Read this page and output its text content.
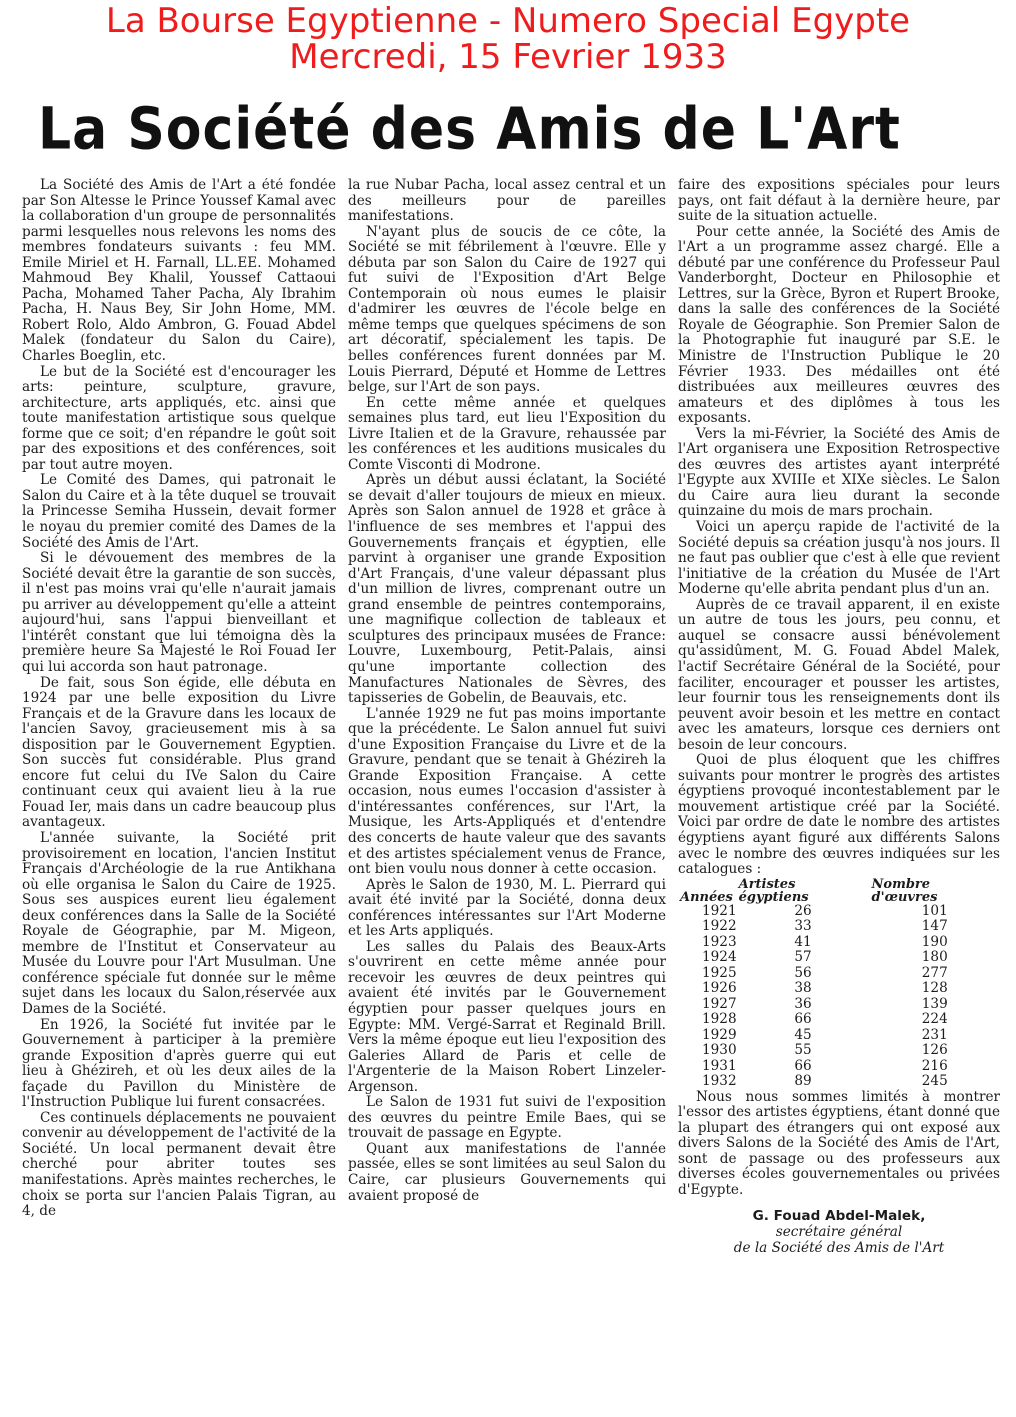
La Bourse Egyptienne - Numero Special Egypte
Mercredi, 15 Fevrier 1933
La Société des Amis de L'Art

La Société des Amis de l'Art a été fondée par Son Altesse le Prince Youssef Kamal avec la collaboration d'un groupe de personnalités parmi lesquelles nous relevons les noms des membres fondateurs suivants : feu MM. Emile Miriel et H. Farnall, LL.EE. Mohamed Mahmoud Bey Khalil, Youssef Cattaoui Pacha, Mohamed Taher Pacha, Aly Ibrahim Pacha, H. Naus Bey, Sir John Home, MM. Robert Rolo, Aldo Ambron, G. Fouad Abdel Malek (fondateur du Salon du Caire), Charles Boeglin, etc.

Le but de la Société est d'encourager les arts: peinture, sculpture, gravure, architecture, arts appliqués, etc. ainsi que toute manifestation artistique sous quelque forme que ce soit; d'en répandre le goût soit par des expositions et des conférences, soit par tout autre moyen.

Le Comité des Dames, qui patronait le Salon du Caire et à la tête duquel se trouvait la Princesse Semiha Hussein, devait former le noyau du premier comité des Dames de la Société des Amis de l'Art.

Si le dévouement des membres de la Société devait être la garantie de son succès, il n'est pas moins vrai qu'elle n'aurait jamais pu arriver au développement qu'elle a atteint aujourd'hui, sans l'appui bienveillant et l'intérêt constant que lui témoigna dès la première heure Sa Majesté le Roi Fouad Ier qui lui accorda son haut patronage.

De fait, sous Son égide, elle débuta en 1924 par une belle exposition du Livre Français et de la Gravure dans les locaux de l'ancien Savoy, gracieusement mis à sa disposition par le Gouvernement Egyptien. Son succès fut considérable. Plus grand encore fut celui du IVe Salon du Caire continuant ceux qui avaient lieu à la rue Fouad Ier, mais dans un cadre beaucoup plus avantageux.

L'année suivante, la Société prit provisoirement en location, l'ancien Institut Français d'Archéologie de la rue Antikhana où elle organisa le Salon du Caire de 1925. Sous ses auspices eurent lieu également deux conférences dans la Salle de la Société Royale de Géographie, par M. Migeon, membre de l'Institut et Conservateur au Musée du Louvre pour l'Art Musulman. Une conférence spéciale fut donnée sur le même sujet dans les locaux du Salon,réservée aux Dames de la Société.

En 1926, la Société fut invitée par le Gouvernement à participer à la première grande Exposition d'après guerre qui eut lieu à Ghézireh, et où les deux ailes de la façade du Pavillon du Ministère de l'Instruction Publique lui furent consacrées.

Ces continuels déplacements ne pouvaient convenir au développement de l'activité de la Société. Un local permanent devait être cherché pour abriter toutes ses manifestations. Après maintes recherches, le choix se porta sur l'ancien Palais Tigran, au 4, de

la rue Nubar Pacha, local assez central et un des meilleurs pour de pareilles manifestations.

N'ayant plus de soucis de ce côte, la Société se mit fébrilement à l'œuvre. Elle y débuta par son Salon du Caire de 1927 qui fut suivi de l'Exposition d'Art Belge Contemporain où nous eumes le plaisir d'admirer les œuvres de l'école belge en même temps que quelques spécimens de son art décoratif, spécialement les tapis. De belles conférences furent données par M. Louis Pierrard, Député et Homme de Lettres belge, sur l'Art de son pays.

En cette même année et quelques semaines plus tard, eut lieu l'Exposition du Livre Italien et de la Gravure, rehaussée par les conférences et les auditions musicales du Comte Visconti di Modrone.

Après un début aussi éclatant, la Société se devait d'aller toujours de mieux en mieux. Après son Salon annuel de 1928 et grâce à l'influence de ses membres et l'appui des Gouvernements français et égyptien, elle parvint à organiser une grande Exposition d'Art Français, d'une valeur dépassant plus d'un million de livres, comprenant outre un grand ensemble de peintres contemporains, une magnifique collection de tableaux et sculptures des principaux musées de France: Louvre, Luxembourg, Petit-Palais, ainsi qu'une importante collection des Manufactures Nationales de Sèvres, des tapisseries de Gobelin, de Beauvais, etc.

L'année 1929 ne fut pas moins importante que la précédente. Le Salon annuel fut suivi d'une Exposition Française du Livre et de la Gravure, pendant que se tenait à Ghézireh la Grande Exposition Française. A cette occasion, nous eumes l'occasion d'assister à d'intéressantes conférences, sur l'Art, la Musique, les Arts-Appliqués et d'entendre des concerts de haute valeur que des savants et des artistes spécialement venus de France, ont bien voulu nous donner à cette occasion.

Après le Salon de 1930, M. L. Pierrard qui avait été invité par la Société, donna deux conférences intéressantes sur l'Art Moderne et les Arts appliqués.

Les salles du Palais des Beaux-Arts s'ouvrirent en cette même année pour recevoir les œuvres de deux peintres qui avaient été invités par le Gouvernement égyptien pour passer quelques jours en Egypte: MM. Vergé-Sarrat et Reginald Brill. Vers la même époque eut lieu l'exposition des Galeries Allard de Paris et celle de l'Argenterie de la Maison Robert Linzeler-Argenson.

Le Salon de 1931 fut suivi de l'exposition des œuvres du peintre Emile Baes, qui se trouvait de passage en Egypte.

Quant aux manifestations de l'année passée, elles se sont limitées au seul Salon du Caire, car plusieurs Gouvernements qui avaient proposé de

faire des expositions spéciales pour leurs pays, ont fait défaut à la dernière heure, par suite de la situation actuelle.

Pour cette année, la Société des Amis de l'Art a un programme assez chargé. Elle a débuté par une conférence du Professeur Paul Vanderborght, Docteur en Philosophie et Lettres, sur la Grèce, Byron et Rupert Brooke, dans la salle des conférences de la Société Royale de Géographie. Son Premier Salon de la Photographie fut inauguré par S.E. le Ministre de l'Instruction Publique le 20 Février 1933. Des médailles ont été distribuées aux meilleures œuvres des amateurs et des diplômes à tous les exposants.

Vers la mi-Février, la Société des Amis de l'Art organisera une Exposition Retrospective des œuvres des artistes ayant interprété l'Egypte aux XVIIIe et XIXe siècles. Le Salon du Caire aura lieu durant la seconde quinzaine du mois de mars prochain.

Voici un aperçu rapide de l'activité de la Société depuis sa création jusqu'à nos jours. Il ne faut pas oublier que c'est à elle que revient l'initiative de la création du Musée de l'Art Moderne qu'elle abrita pendant plus d'un an.

Auprès de ce travail apparent, il en existe un autre de tous les jours, peu connu, et auquel se consacre aussi bénévolement qu'assidûment, M. G. Fouad Abdel Malek, l'actif Secrétaire Général de la Société, pour faciliter, encourager et pousser les artistes, leur fournir tous les renseignements dont ils peuvent avoir besoin et les mettre en contact avec les amateurs, lorsque ces derniers ont besoin de leur concours.

Quoi de plus éloquent que les chiffres suivants pour montrer le progrès des artistes égyptiens provoqué incontestablement par le mouvement artistique créé par la Société. Voici par ordre de date le nombre des artistes égyptiens ayant figuré aux différents Salons avec le nombre des œuvres indiquées sur les catalogues :

Années	Artistes égyptiens	Nombre d'œuvres
1921	26	101
1922	33	147
1923	41	190
1924	57	180
1925	56	277
1926	38	128
1927	36	139
1928	66	224
1929	45	231
1930	55	126
1931	66	216
1932	89	245

Nous nous sommes limités à montrer l'essor des artistes égyptiens, étant donné que la plupart des étrangers qui ont exposé aux divers Salons de la Société des Amis de l'Art, sont de passage ou des professeurs aux diverses écoles gouvernementales ou privées d'Egypte.

G. Fouad Abdel-Malek,
secrétaire général
de la Société des Amis de l'Art
